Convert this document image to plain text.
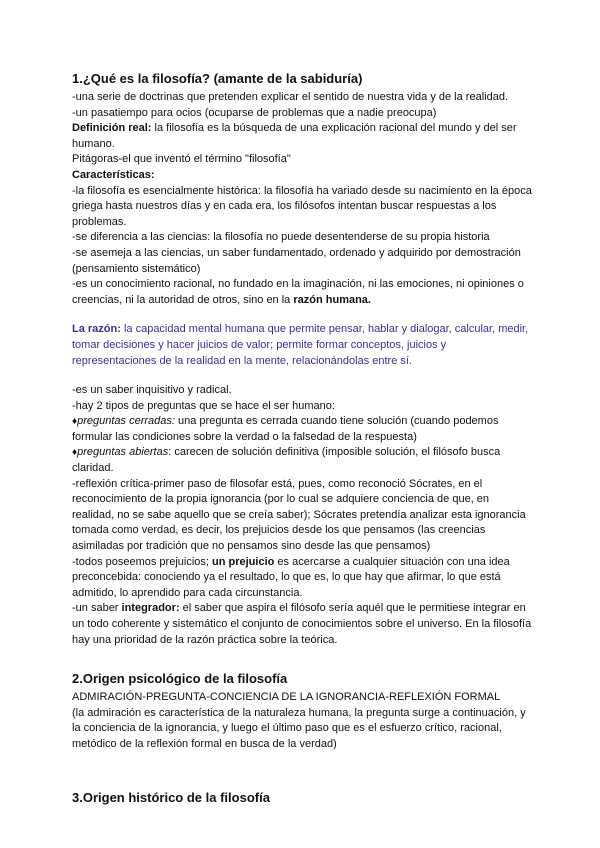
1.¿Qué es la filosofía? (amante de la sabiduría)

-una serie de doctrinas que pretenden explicar el sentido de nuestra vida y de la realidad.

-un pasatiempo para ocios (ocuparse de problemas que a nadie preocupa)

Definición real: la filosofía es la búsqueda de una explicación racional del mundo y del ser humano.

Pitágoras-el que inventó el término "filosofía"

Características:

-la filosofía es esencialmente histórica: la filosofía ha variado desde su nacimiento en la época griega hasta nuestros días y en cada era, los filósofos intentan buscar respuestas a los problemas.

-se diferencia a las ciencias: la filosofía no puede desentenderse de su propia historia

-se asemeja a las ciencias, un saber fundamentado, ordenado y adquirido por demostración (pensamiento sistemático)

-es un conocimiento racional, no fundado en la imaginación, ni las emociones, ni opiniones o creencias, ni la autoridad de otros, sino en la razón humana.

La razón: la capacidad mental humana que permite pensar, hablar y dialogar, calcular, medir, tomar decisiones y hacer juicios de valor; permite formar conceptos, juicios y representaciones de la realidad en la mente, relacionándolas entre sí.

-es un saber inquisitivo y radical.

-hay 2 tipos de preguntas que se hace el ser humano:

♦preguntas cerradas: una pregunta es cerrada cuando tiene solución (cuando podemos formular las condiciones sobre la verdad o la falsedad de la respuesta)

♦preguntas abiertas: carecen de solución definitiva (imposible solución, el filósofo busca claridad.

-reflexión crítica-primer paso de filosofar está, pues, como reconoció Sócrates, en el reconocimiento de la propia ignorancia (por lo cual se adquiere conciencia de que, en realidad, no se sabe aquello que se creía saber); Sócrates pretendía analizar esta ignorancia tomada como verdad, es decir, los prejuicios desde los que pensamos (las creencias asimiladas por tradición que no pensamos sino desde las que pensamos)

-todos poseemos prejuicios; un prejuicio es acercarse a cualquier situación con una idea preconcebida: conociendo ya el resultado, lo que es, lo que hay que afirmar, lo que está admitido, lo aprendido para cada circunstancia.

-un saber integrador: el saber que aspira el filósofo sería aquél que le permitiese integrar en un todo coherente y sistemático el conjunto de conocimientos sobre el universo. En la filosofía hay una prioridad de la razón práctica sobre la teórica.

2.Origen psicológico de la filosofía

ADMIRACIÓN-PREGUNTA-CONCIENCIA DE LA IGNORANCIA-REFLEXIÓN FORMAL

(la admiración es característica de la naturaleza humana, la pregunta surge a continuación, y la conciencia de la ignorancia, y luego el último paso que es el esfuerzo crítico, racional, metódico de la reflexión formal en busca de la verdad)

3.Origen histórico de la filosofía
